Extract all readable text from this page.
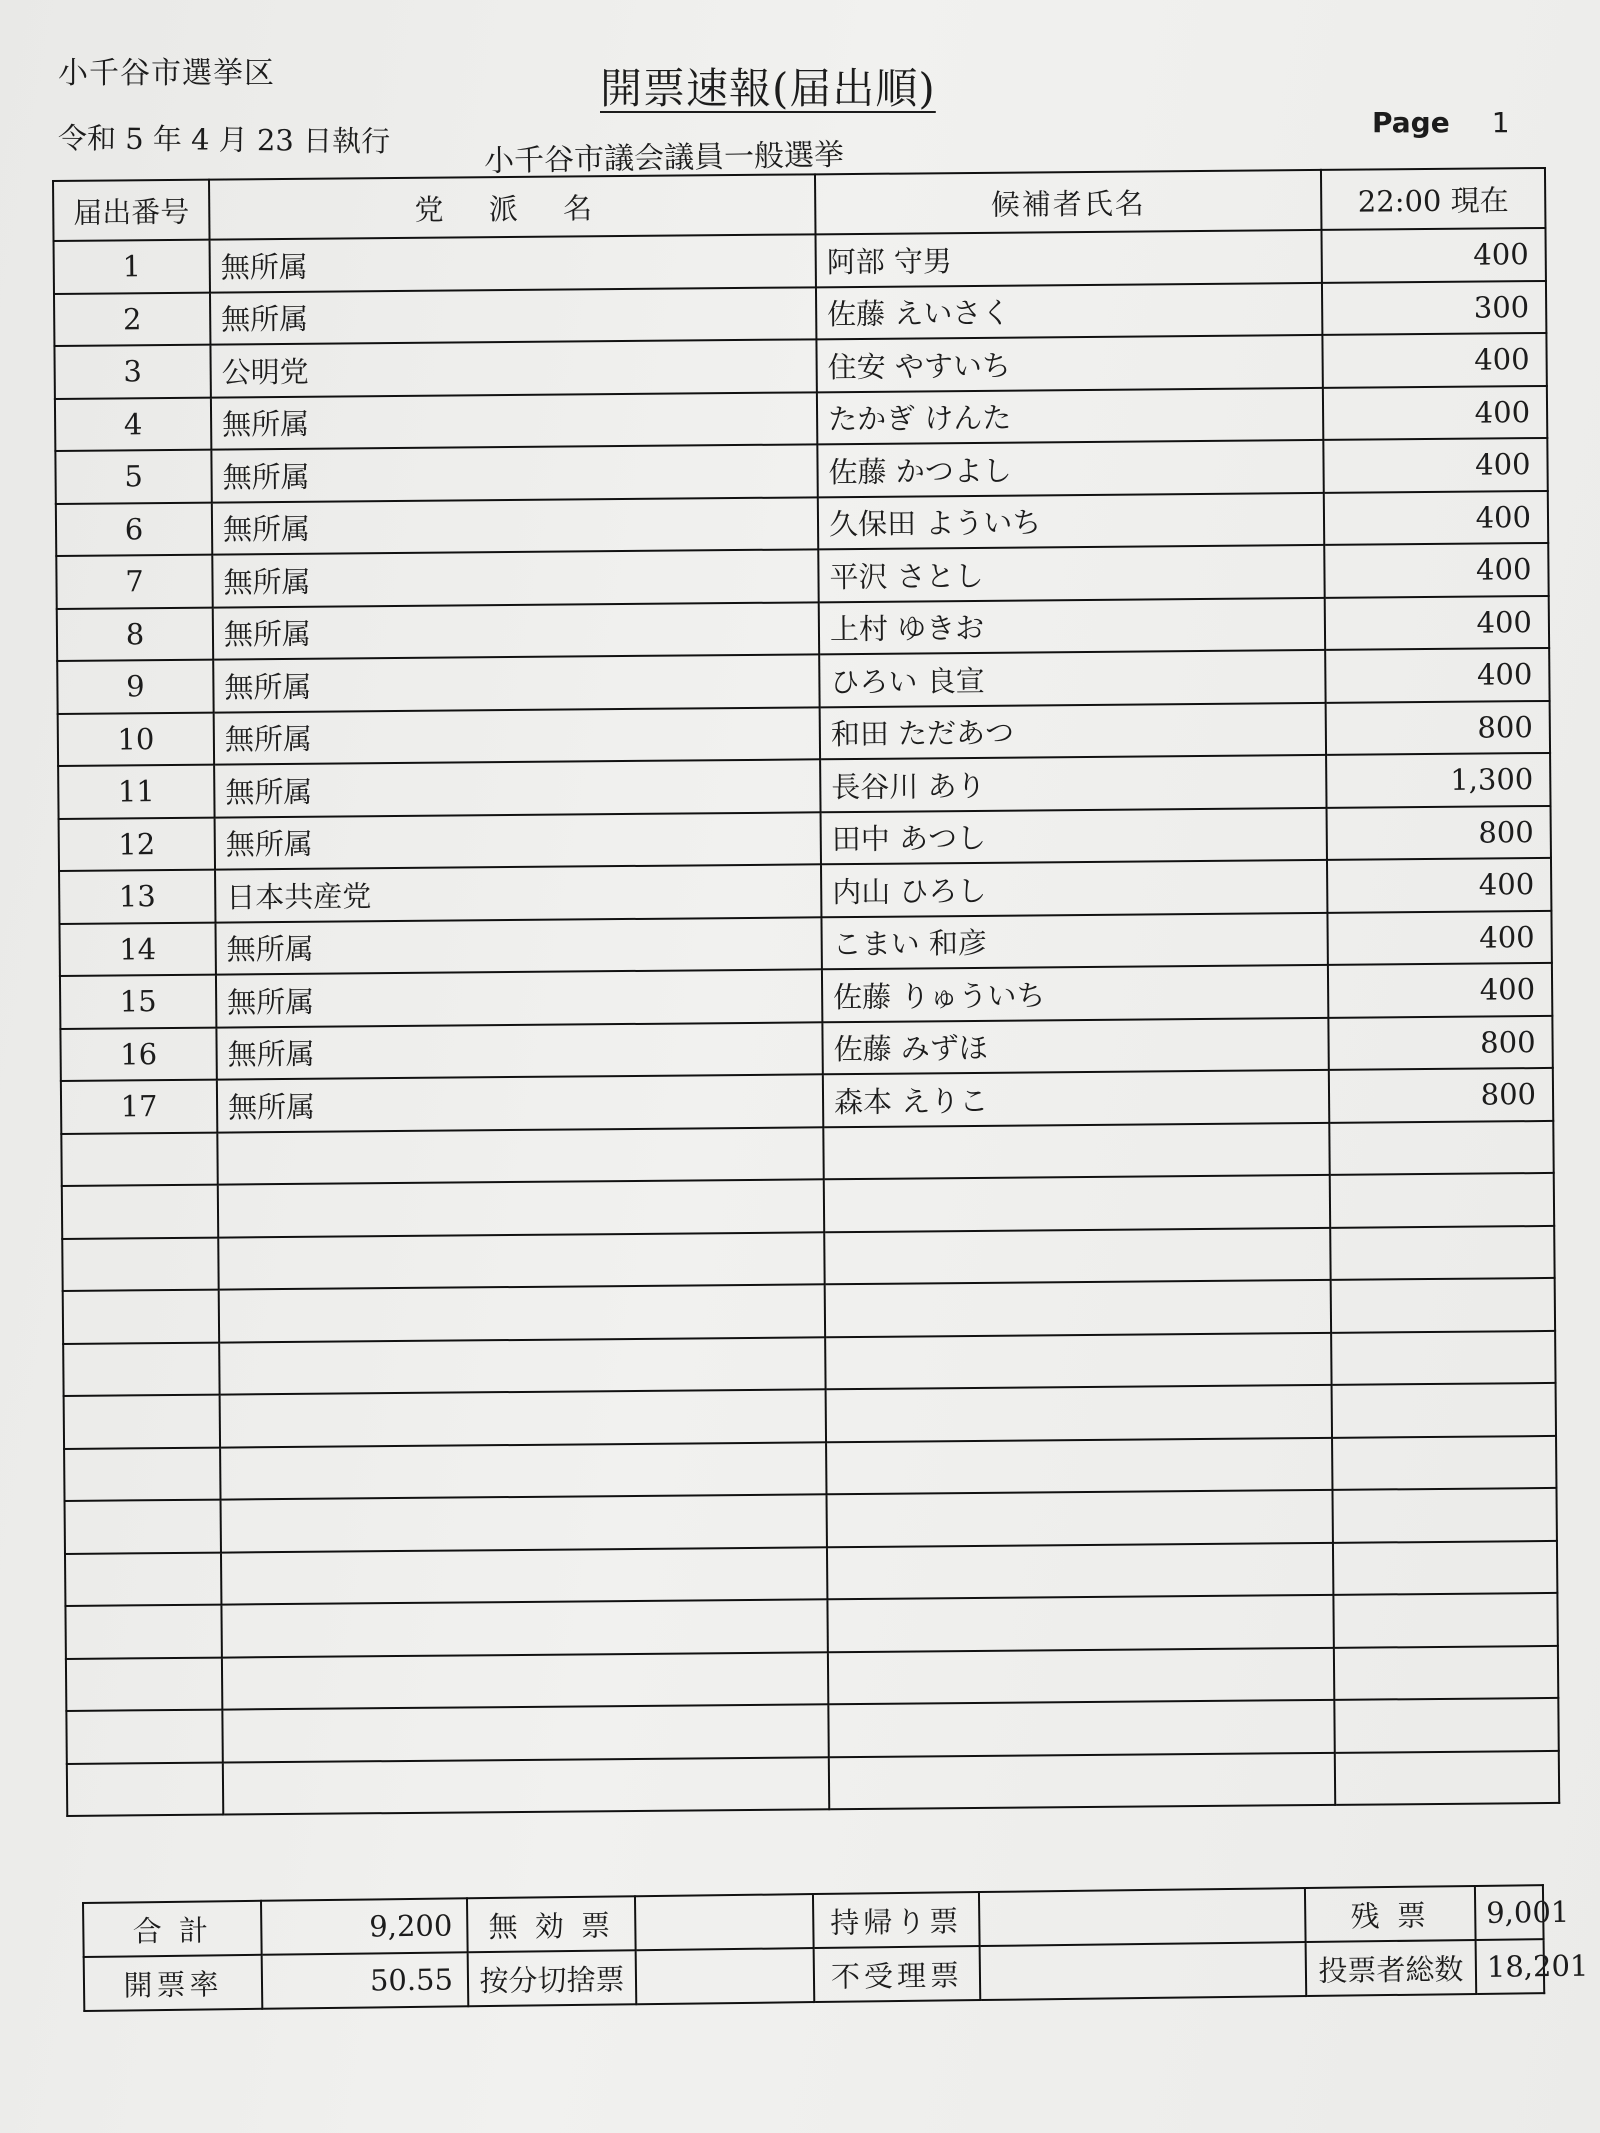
小千谷市選挙区	開票速報(届出順)
Page 1
令和 5 年 4 月 23 日執行	小千谷市議会議員一般選挙
届出番号	党 派 名	候補者氏名	22:00 現在
1	無所属	阿部 守男	400
2	無所属	佐藤 えいさく	300
3	公明党	住安 やすいち	400
4	無所属	たかぎ けんた	400
5	無所属	佐藤 かつよし	400
6	無所属	久保田 よういち	400
7	無所属	平沢 さとし	400
8	無所属	上村 ゆきお	400
9	無所属	ひろい 良宣	400
10	無所属	和田 ただあつ	800
11	無所属	長谷川 あり	1,300
12	無所属	田中 あつし	800
13	日本共産党	内山 ひろし	400
14	無所属	こまい 和彦	400
15	無所属	佐藤 りゅういち	400
16	無所属	佐藤 みずほ	800
17	無所属	森本 えりこ	800

合 計	9,200	無 効 票		持帰り票		残 票	9,001
開票率	50.55	按分切捨票		不受理票		投票者総数	18,201
